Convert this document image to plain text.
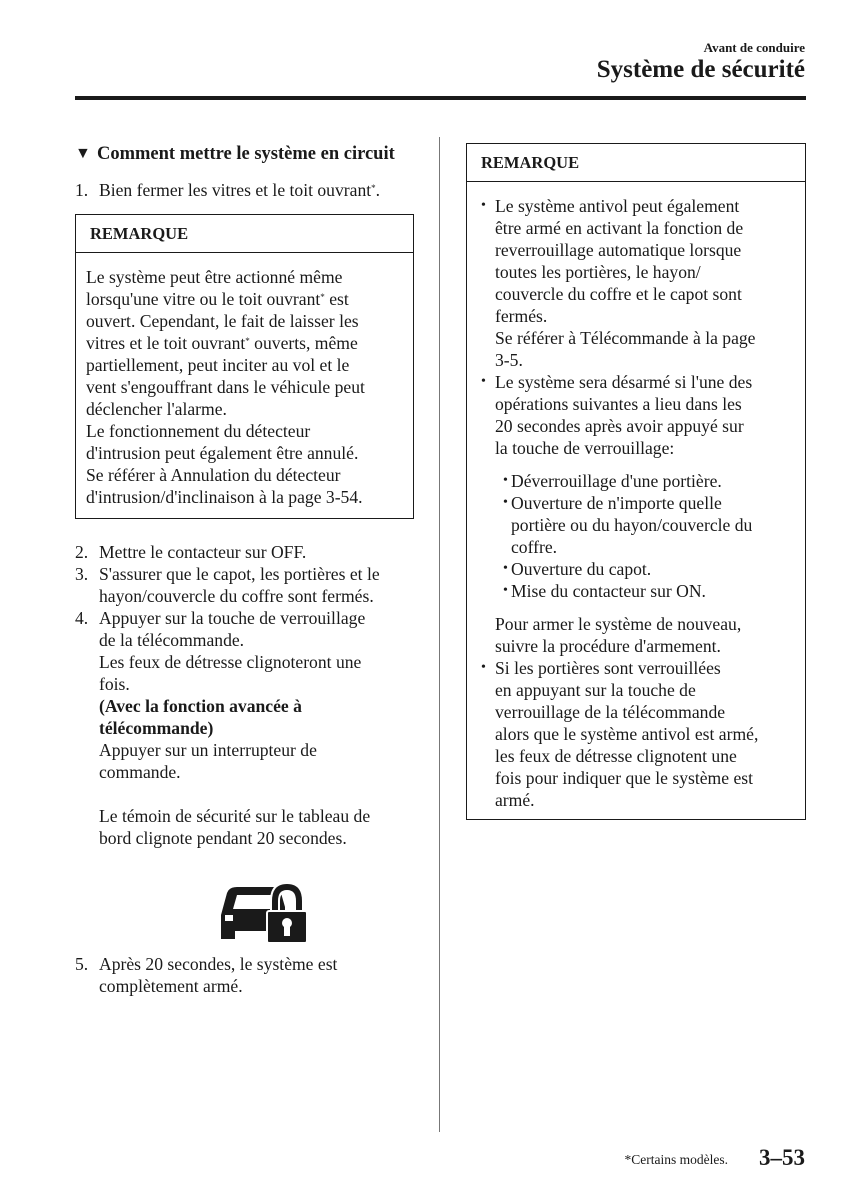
Avant de conduire
Système de sécurité
▼ Comment mettre le système en circuit
1. Bien fermer les vitres et le toit ouvrant*.
REMARQUE
Le système peut être actionné même
lorsqu'une vitre ou le toit ouvrant* est
ouvert. Cependant, le fait de laisser les
vitres et le toit ouvrant* ouverts, même
partiellement, peut inciter au vol et le
vent s'engouffrant dans le véhicule peut
déclencher l'alarme.
Le fonctionnement du détecteur
d'intrusion peut également être annulé.
Se référer à Annulation du détecteur
d'intrusion/d'inclinaison à la page 3-54.
2. Mettre le contacteur sur OFF.
3. S'assurer que le capot, les portières et le

hayon/couvercle du coffre sont fermés.

4. Appuyer sur la touche de verrouillage

de la télécommande.

Les feux de détresse clignoteront une

fois.

(Avec la fonction avancée à

télécommande)

Appuyer sur un interrupteur de

commande.

Le témoin de sécurité sur le tableau de

bord clignote pendant 20 secondes.

5. Après 20 secondes, le système est

complètement armé.

REMARQUE
• Le système antivol peut également
être armé en activant la fonction de
reverrouillage automatique lorsque
toutes les portières, le hayon/
couvercle du coffre et le capot sont
fermés.
Se référer à Télécommande à la page
3-5.
• Le système sera désarmé si l'une des
opérations suivantes a lieu dans les
20 secondes après avoir appuyé sur
la touche de verrouillage:
• Déverrouillage d'une portière.
• Ouverture de n'importe quelle
portière ou du hayon/couvercle du
coffre.
• Ouverture du capot.
• Mise du contacteur sur ON.
Pour armer le système de nouveau,
suivre la procédure d'armement.
• Si les portières sont verrouillées
en appuyant sur la touche de
verrouillage de la télécommande
alors que le système antivol est armé,
les feux de détresse clignotent une
fois pour indiquer que le système est
armé.
*Certains modèles. 3–53
